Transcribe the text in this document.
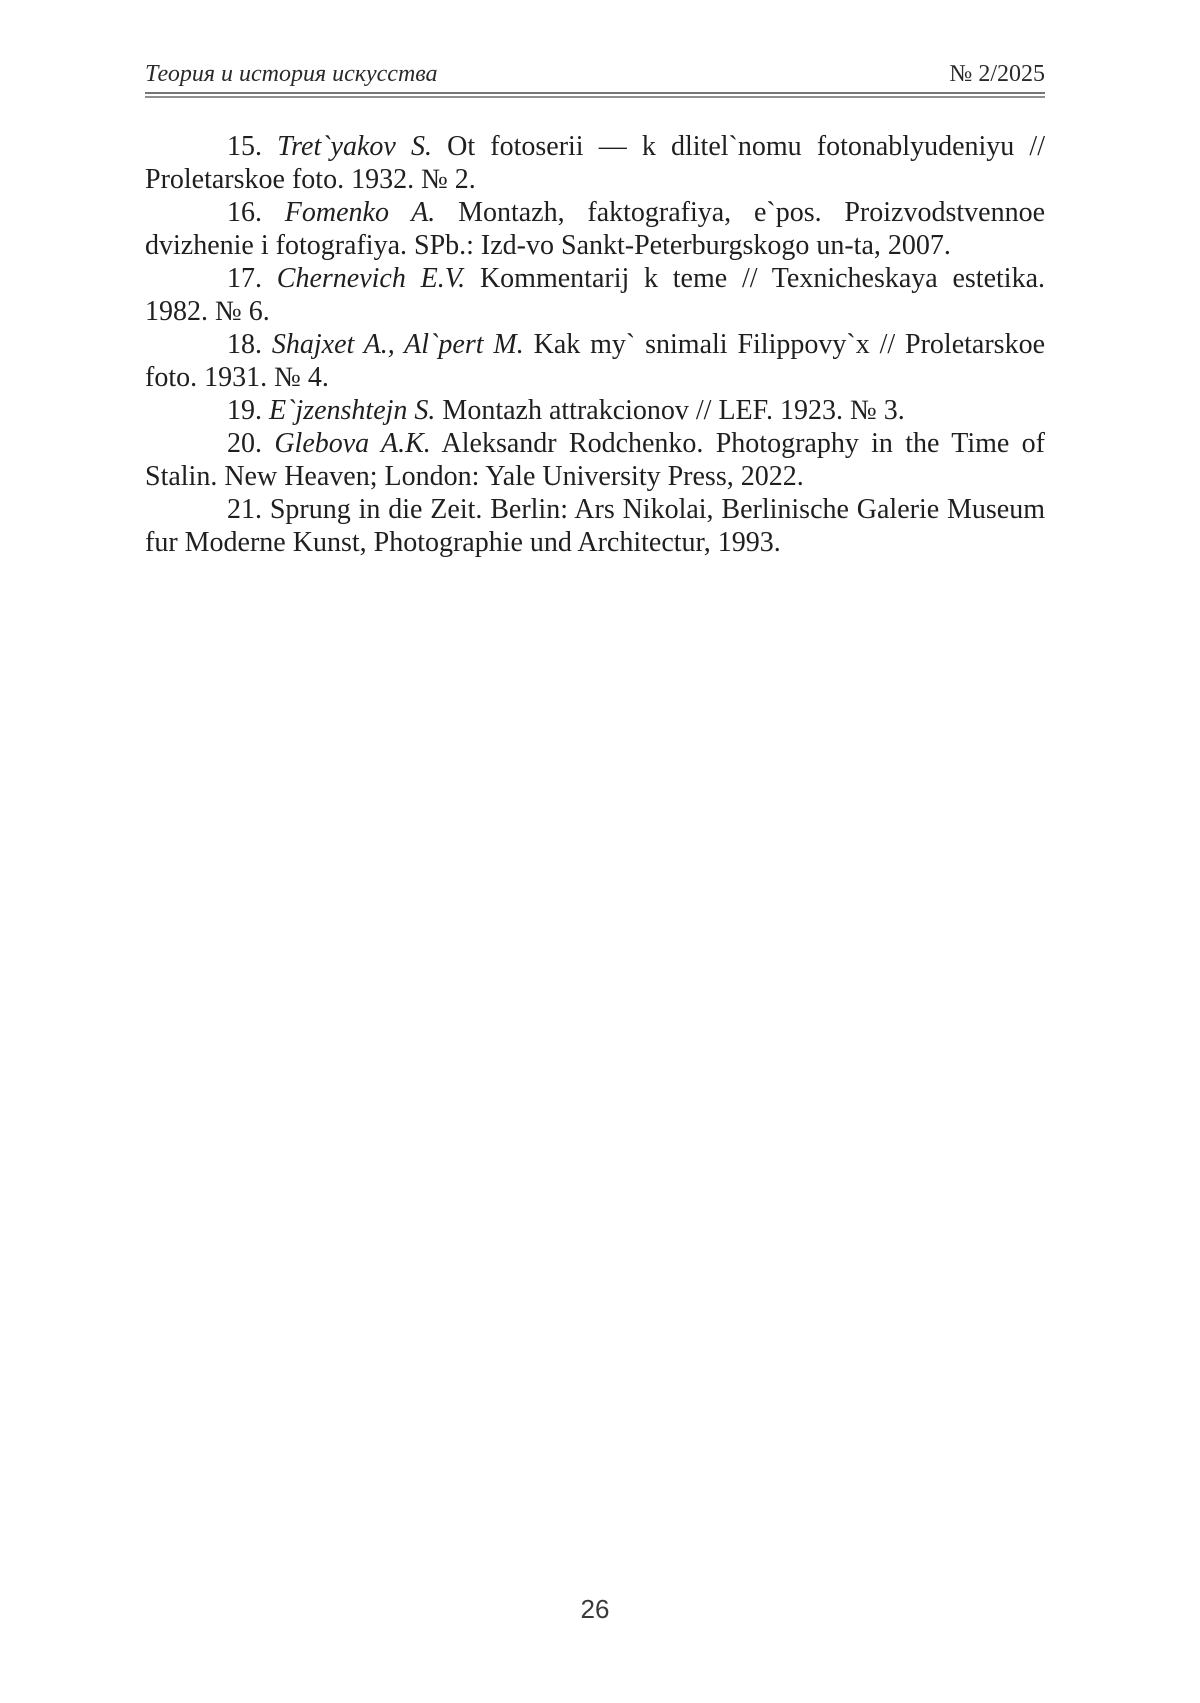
Теория и история искусства	№ 2/2025

15. Tret`yakov S. Ot fotoserii — k dlitel`nomu fotonablyudeniyu // Proletarskoe foto. 1932. № 2.

16. Fomenko A. Montazh, faktografiya, e`pos. Proizvodstvennoe dvizhenie i fotografiya. SPb.: Izd-vo Sankt-Peterburgskogo un-ta, 2007.

17. Chernevich E.V. Kommentarij k teme // Texnicheskaya estetika. 1982. № 6.

18. Shajxet A., Al`pert M. Kak my` snimali Filippovy`x // Proletarskoe foto. 1931. № 4.

19. E`jzenshtejn S. Montazh attrakcionov // LEF. 1923. № 3.

20. Glebova A.K. Aleksandr Rodchenko. Photography in the Time of Stalin. New Heaven; London: Yale University Press, 2022.

21. Sprung in die Zeit. Berlin: Ars Nikolai, Berlinische Galerie Museum fur Moderne Kunst, Photographie und Architectur, 1993.

26
